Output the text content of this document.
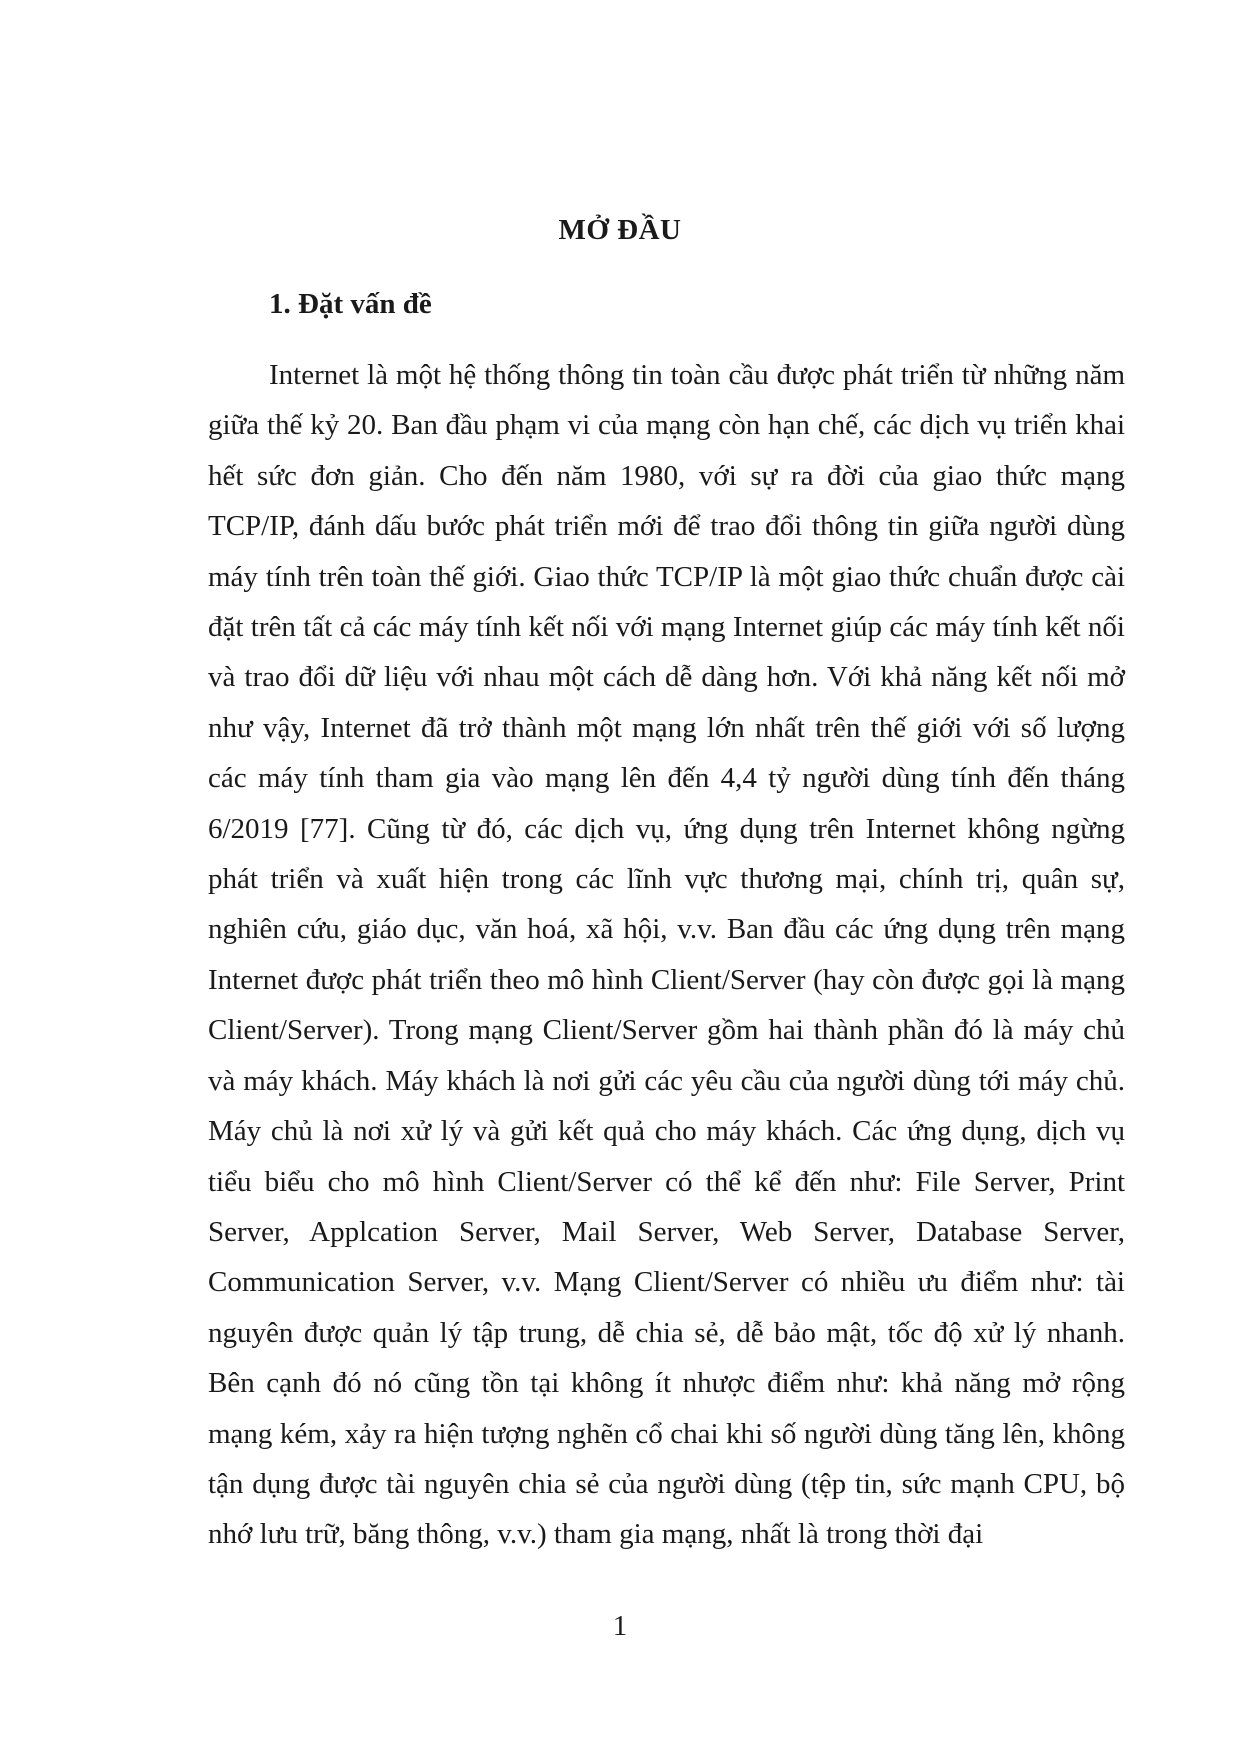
MỞ ĐẦU
1. Đặt vấn đề

Internet là một hệ thống thông tin toàn cầu được phát triển từ những năm giữa thế kỷ 20. Ban đầu phạm vi của mạng còn hạn chế, các dịch vụ triển khai hết sức đơn giản. Cho đến năm 1980, với sự ra đời của giao thức mạng TCP/IP, đánh dấu bước phát triển mới để trao đổi thông tin giữa người dùng máy tính trên toàn thế giới. Giao thức TCP/IP là một giao thức chuẩn được cài đặt trên tất cả các máy tính kết nối với mạng Internet giúp các máy tính kết nối và trao đổi dữ liệu với nhau một cách dễ dàng hơn. Với khả năng kết nối mở như vậy, Internet đã trở thành một mạng lớn nhất trên thế giới với số lượng các máy tính tham gia vào mạng lên đến 4,4 tỷ người dùng tính đến tháng 6/2019 [77]. Cũng từ đó, các dịch vụ, ứng dụng trên Internet không ngừng phát triển và xuất hiện trong các lĩnh vực thương mại, chính trị, quân sự, nghiên cứu, giáo dục, văn hoá, xã hội, v.v. Ban đầu các ứng dụng trên mạng Internet được phát triển theo mô hình Client/Server (hay còn được gọi là mạng Client/Server). Trong mạng Client/Server gồm hai thành phần đó là máy chủ và máy khách. Máy khách là nơi gửi các yêu cầu của người dùng tới máy chủ. Máy chủ là nơi xử lý và gửi kết quả cho máy khách. Các ứng dụng, dịch vụ tiểu biểu cho mô hình Client/Server có thể kể đến như: File Server, Print Server, Applcation Server, Mail Server, Web Server, Database Server, Communication Server, v.v. Mạng Client/Server có nhiều ưu điểm như: tài nguyên được quản lý tập trung, dễ chia sẻ, dễ bảo mật, tốc độ xử lý nhanh. Bên cạnh đó nó cũng tồn tại không ít nhược điểm như: khả năng mở rộng mạng kém, xảy ra hiện tượng nghẽn cổ chai khi số người dùng tăng lên, không tận dụng được tài nguyên chia sẻ của người dùng (tệp tin, sức mạnh CPU, bộ nhớ lưu trữ, băng thông, v.v.) tham gia mạng, nhất là trong thời đại

1
